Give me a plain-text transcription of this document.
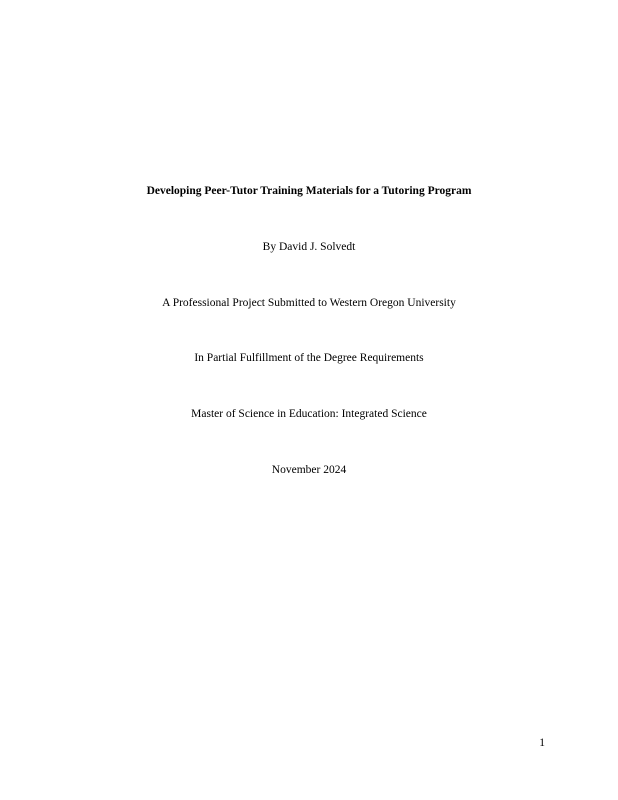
Developing Peer-Tutor Training Materials for a Tutoring Program
By David J. Solvedt
A Professional Project Submitted to Western Oregon University
In Partial Fulfillment of the Degree Requirements
Master of Science in Education: Integrated Science
November 2024
1
